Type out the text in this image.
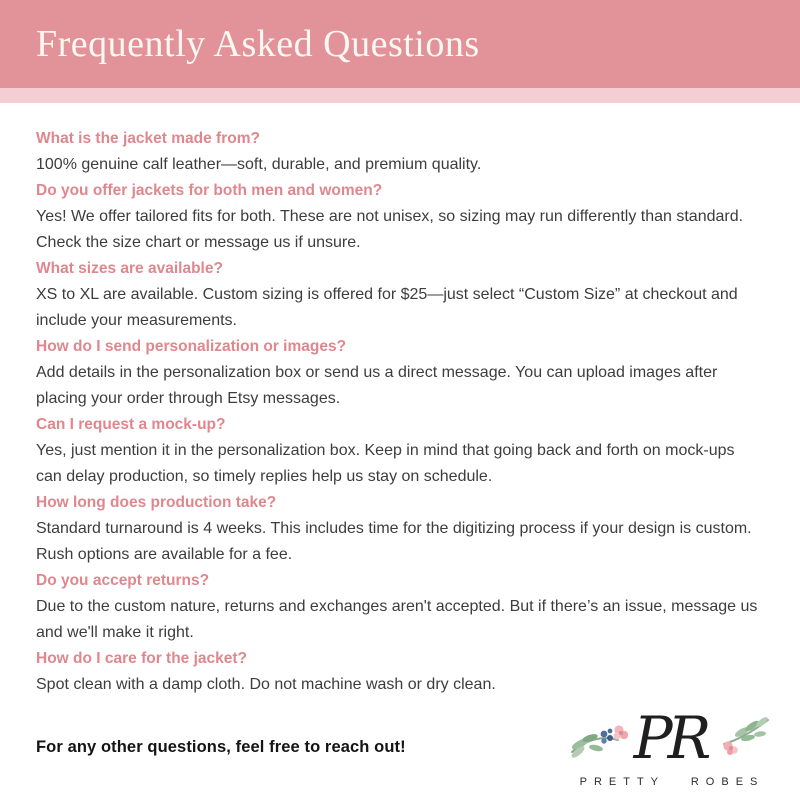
Frequently Asked Questions
What is the jacket made from?
100% genuine calf leather—soft, durable, and premium quality.
Do you offer jackets for both men and women?
Yes! We offer tailored fits for both. These are not unisex, so sizing may run differently than standard. Check the size chart or message us if unsure.
What sizes are available?
XS to XL are available. Custom sizing is offered for $25—just select “Custom Size” at checkout and include your measurements.
How do I send personalization or images?
Add details in the personalization box or send us a direct message. You can upload images after placing your order through Etsy messages.
Can I request a mock-up?
Yes, just mention it in the personalization box. Keep in mind that going back and forth on mock-ups can delay production, so timely replies help us stay on schedule.
How long does production take?
Standard turnaround is 4 weeks. This includes time for the digitizing process if your design is custom. Rush options are available for a fee.
Do you accept returns?
Due to the custom nature, returns and exchanges aren't accepted. But if there’s an issue, message us and we'll make it right.
How do I care for the jacket?
Spot clean with a damp cloth. Do not machine wash or dry clean.
For any other questions, feel free to reach out!	PR
PRETTY ROBES
